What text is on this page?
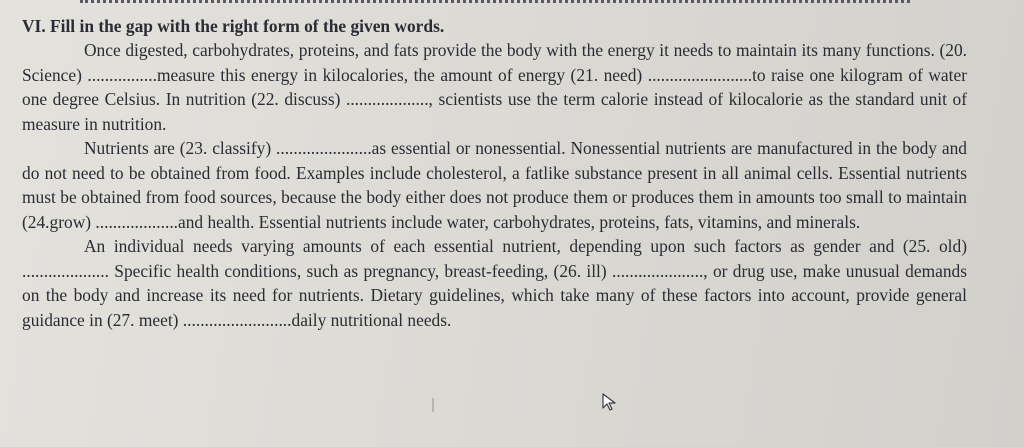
VI. Fill in the gap with the right form of the given words.

Once digested, carbohydrates, proteins, and fats provide the body with the energy it needs to maintain its many functions. (20. Science) ................measure this energy in kilocalories, the amount of energy (21. need) ........................to raise one kilogram of water one degree Celsius. In nutrition (22. discuss) ..................., scientists use the term calorie instead of kilocalorie as the standard unit of measure in nutrition.

Nutrients are (23. classify) ......................as essential or nonessential. Nonessential nutrients are manufactured in the body and do not need to be obtained from food. Examples include cholesterol, a fatlike substance present in all animal cells. Essential nutrients must be obtained from food sources, because the body either does not produce them or produces them in amounts too small to maintain (24.grow) ...................and health. Essential nutrients include water, carbohydrates, proteins, fats, vitamins, and minerals.

An individual needs varying amounts of each essential nutrient, depending upon such factors as gender and (25. old) .................... Specific health conditions, such as pregnancy, breast-feeding, (26. ill) ....................., or drug use, make unusual demands on the body and increase its need for nutrients. Dietary guidelines, which take many of these factors into account, provide general guidance in (27. meet) .........................daily nutritional needs.
